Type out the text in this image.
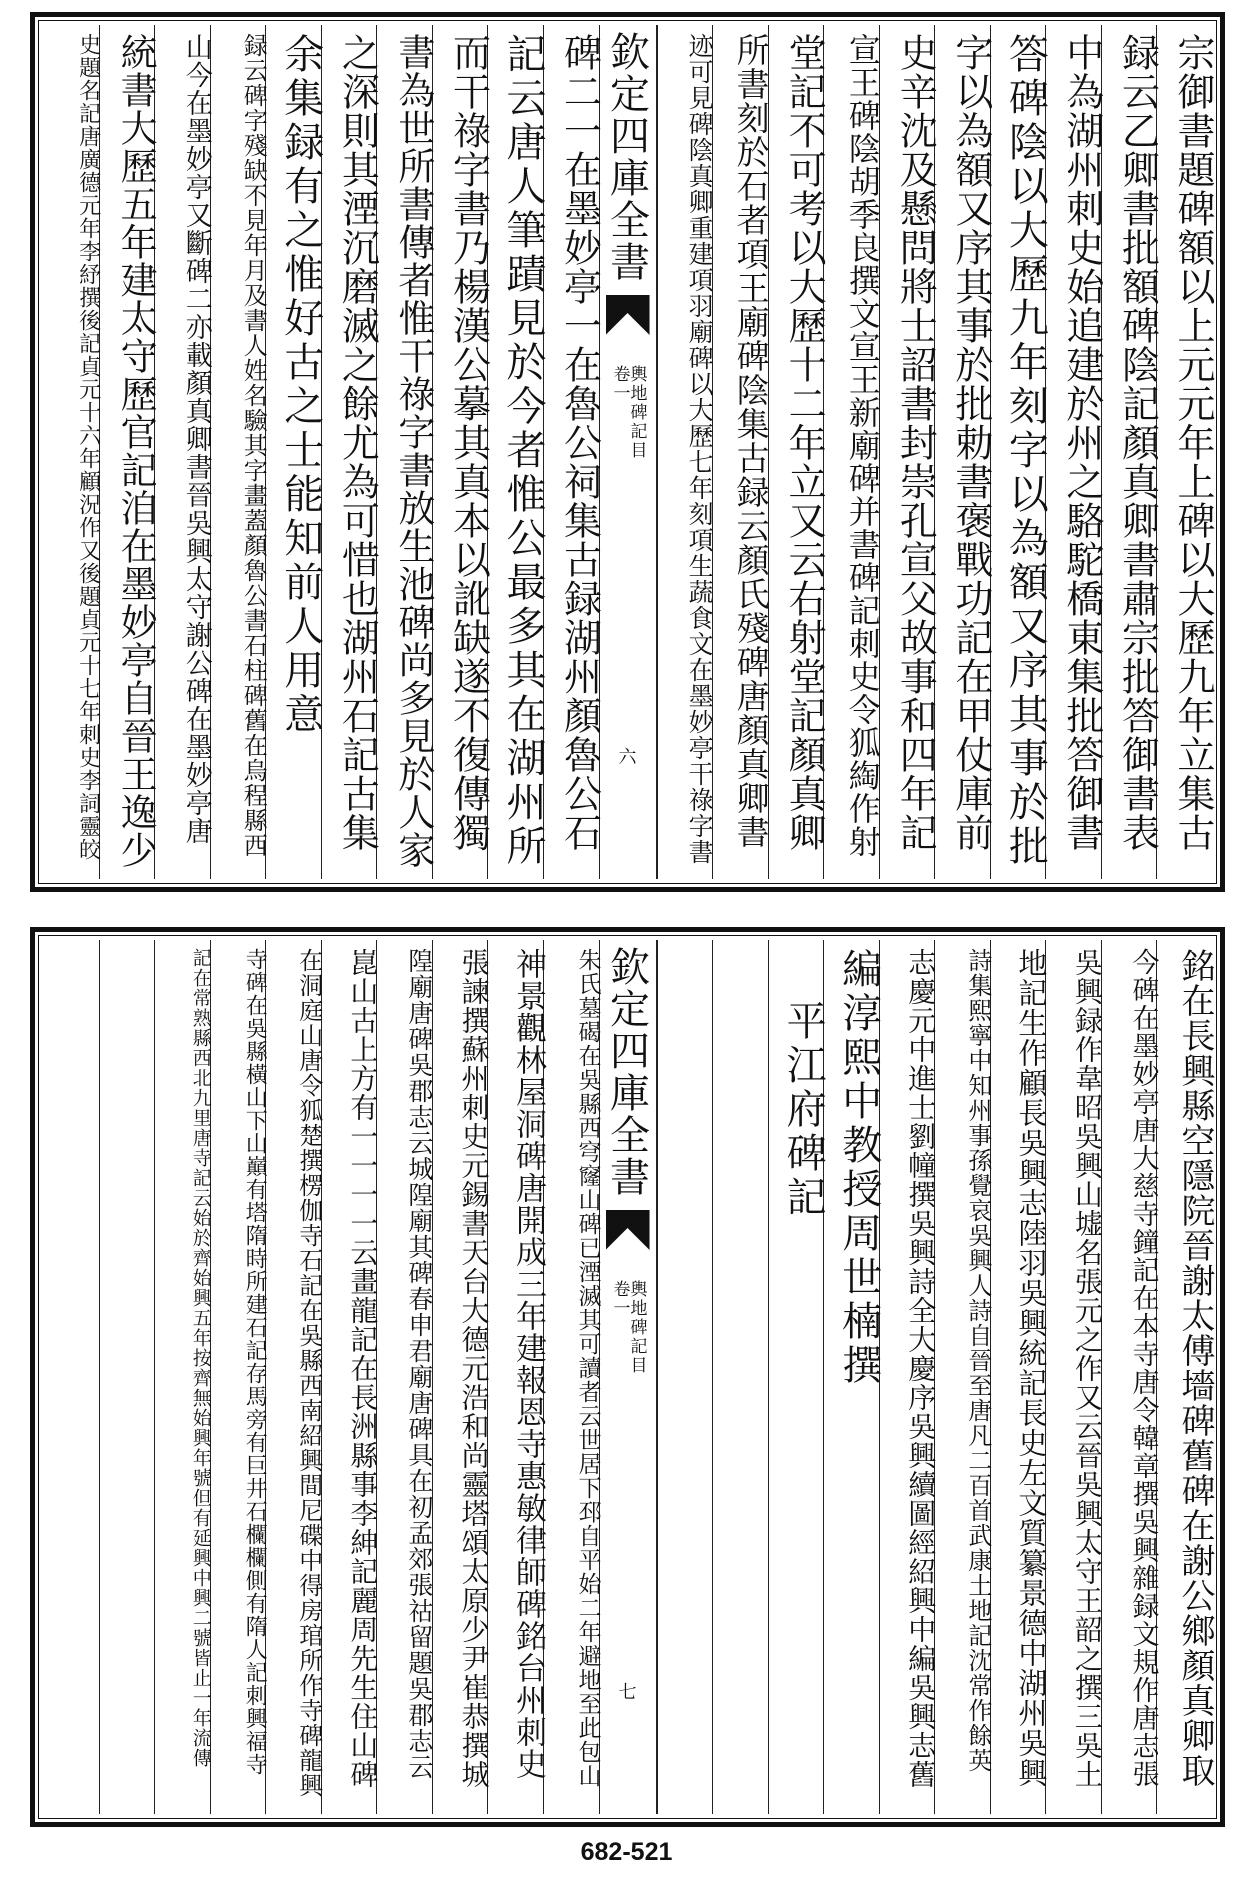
宗御書題碑額以上元元年上碑以大歷九年立集古
録云乙卿書批額碑陰記顏真卿書肅宗批答御書表
中為湖州刺史始追建於州之駱駝橋東集批答御書
答碑陰以大歷九年刻字以為額又序其事於批
字以為額又序其事於批勅書褒戰功記在甲仗庫前
史辛沈及懸問將士詔書封崇孔宣父故事和四年記
宣王碑陰胡季良撰文宣王新廟碑并書碑記刺史令狐綯作射
堂記不可考以大歷十二年立又云右射堂記顏真卿
所書刻於石者項王廟碑陰集古録云顏氏殘碑唐顏真卿書
迹可見碑陰真卿重建項羽廟碑以大歷七年刻項生蔬食文在墨妙亭干祿字書
欽定四庫全書
輿地碑記目
卷一
六
碑二一在墨妙亭一在魯公祠集古録湖州顏魯公石
記云唐人筆蹟見於今者惟公最多其在湖州所
而干祿字書乃楊漢公摹其真本以訛缺遂不復傳獨
書為世所書傳者惟干祿字書放生池碑尚多見於人家
之深則其湮沉磨滅之餘尤為可惜也湖州石記古集
余集録有之惟好古之士能知前人用意
録云碑字殘缺不見年月及書人姓名驗其字畫蓋顏魯公書石柱碑舊在烏程縣西
山今在墨妙亭又斷碑二亦載顏真卿書晉吳興太守謝公碑在墨妙亭唐
統書大歷五年建太守歷官記洎在墨妙亭自晉王逸少
史題名記唐廣德元年李紓撰後記貞元十六年顧況作又後題貞元十七年刺史李詞靈皎
銘在長興縣空隱院晉謝太傅墻碑舊碑在謝公鄉顏真卿取
今碑在墨妙亭唐大慈寺鐘記在本寺唐令韓章撰吳興雜録文規作唐志張
吳興録作韋昭吳興山墟名張元之作又云晉吳興太守王韶之撰三吳土
地記生作顧長吳興志陸羽吳興統記長史左文質纂景德中湖州吳興
詩集熙寧中知州事孫覺哀吳興人詩自晉至唐凡二百首武康土地記沈常作餘英
志慶元中進士劉幢撰吳興詩全大慶序吳興續圖經紹興中編吳興志舊
編淳熙中教授周世楠撰
平江府碑記
欽定四庫全書
輿地碑記目
卷一
七
朱氏墓碣在吳縣西穹窿山碑已湮滅其可讀者云世居下邳自平始二年避地至此包山
神景觀林屋洞碑唐開成三年建報恩寺惠敏律師碑銘台州刺史
張諫撰蘇州刺史元錫書天台大德元浩和尚靈塔頌太原少尹崔恭撰城
隍廟唐碑吳郡志云城隍廟其碑春申君廟唐碑具在初孟郊張祜留題吳郡志云
崑山古上方有一一一一云畫龍記在長洲縣事李紳記麗周先生住山碑
在洞庭山唐令狐楚撰楞伽寺石記在吳縣西南紹興間尼碟中得房琯所作寺碑龍興
寺碑在吳縣橫山下山巔有塔隋時所建石記存馬旁有巨井石欄欄側有隋人記刺興福寺
記在常熟縣西北九里唐寺記云始於齊始興五年按齊無始興年號但有延興中興二號皆止一年流傳
682-521
